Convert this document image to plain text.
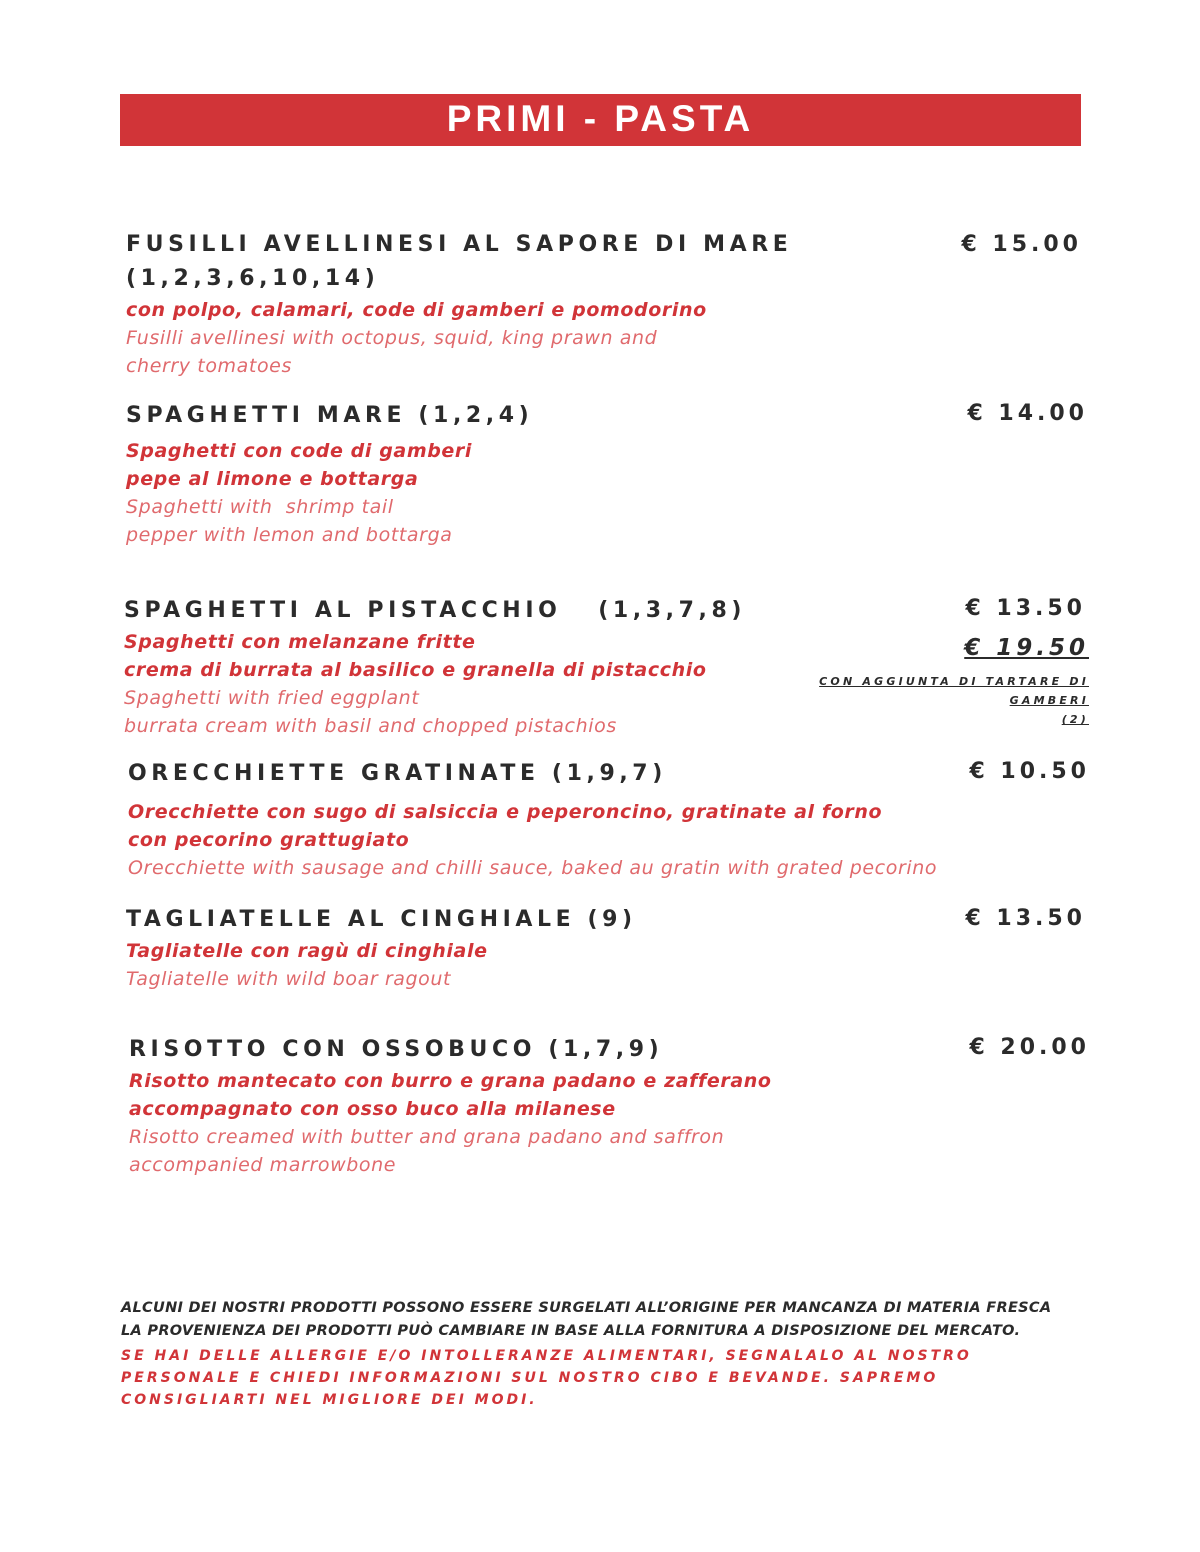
PRIMI - PASTA
FUSILLI AVELLINESI AL SAPORE DI MARE
(1,2,3,6,10,14)
con polpo, calamari, code di gamberi e pomodorino
Fusilli avellinesi with octopus, squid, king prawn and
cherry tomatoes
€ 15.00
SPAGHETTI MARE (1,2,4)
Spaghetti con code di gamberi
pepe al limone e bottarga
Spaghetti with  shrimp tail
pepper with lemon and bottarga
€ 14.00
SPAGHETTI AL PISTACCHIO   (1,3,7,8)
Spaghetti con melanzane fritte
crema di burrata al basilico e granella di pistacchio
Spaghetti with fried eggplant
burrata cream with basil and chopped pistachios
€ 13.50
€ 19.50
CON AGGIUNTA DI TARTARE DI
GAMBERI
(2)
ORECCHIETTE GRATINATE (1,9,7)
Orecchiette con sugo di salsiccia e peperoncino, gratinate al forno
con pecorino grattugiato
Orecchiette with sausage and chilli sauce, baked au gratin with grated pecorino
€ 10.50
TAGLIATELLE AL CINGHIALE (9)
Tagliatelle con ragù di cinghiale
Tagliatelle with wild boar ragout
€ 13.50
RISOTTO CON OSSOBUCO (1,7,9)
Risotto mantecato con burro e grana padano e zafferano
accompagnato con osso buco alla milanese
Risotto creamed with butter and grana padano and saffron
accompanied marrowbone
€ 20.00
ALCUNI DEI NOSTRI PRODOTTI POSSONO ESSERE SURGELATI ALL’ORIGINE PER MANCANZA DI MATERIA FRESCA
LA PROVENIENZA DEI PRODOTTI PUÒ CAMBIARE IN BASE ALLA FORNITURA A DISPOSIZIONE DEL MERCATO.
SE HAI DELLE ALLERGIE E/O INTOLLERANZE ALIMENTARI, SEGNALALO AL NOSTRO PERSONALE E CHIEDI INFORMAZIONI SUL NOSTRO CIBO E BEVANDE. SAPREMO CONSIGLIARTI NEL MIGLIORE DEI MODI.
